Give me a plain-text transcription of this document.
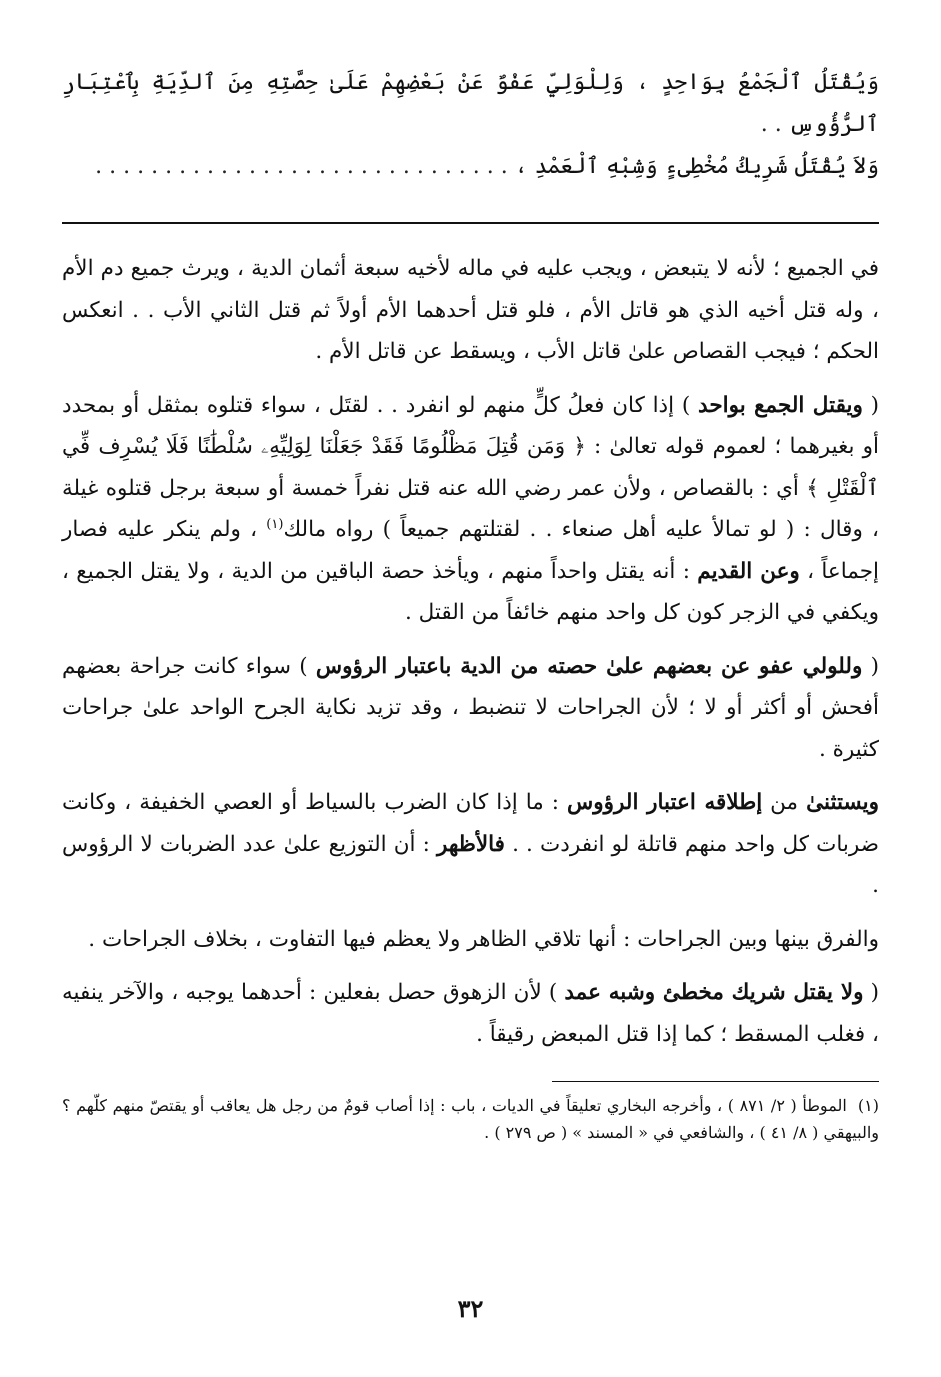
وَيُقْتَلُ ٱلْجَمْعُ بِوَاحِدٍ ، وَلِلْوَلِيِّ عَفْوٌ عَنْ بَعْضِهِمْ عَلَىٰ حِصَّتِهِ مِنَ ٱلدِّيَةِ بِٱعْتِبَارِ ٱلرُّؤُوسِ . .

وَلاَ يُقْتَلُ شَرِيكُ مُخْطِىءٍ وَشِبْهِ ٱلْعَمْدِ ، . . . . . . . . . . . . . . . . . . . . . . . . . . . . . .

في الجميع ؛ لأنه لا يتبعض ، ويجب عليه في ماله لأخيه سبعة أثمان الدية ، ويرث جميع دم الأم ، وله قتل أخيه الذي هو قاتل الأم ، فلو قتل أحدهما الأم أولاً ثم قتل الثاني الأب . . انعكس الحكم ؛ فيجب القصاص علىٰ قاتل الأب ، ويسقط عن قاتل الأم .

( ويقتل الجمع بواحد ) إذا كان فعلُ كلٍّ منهم لو انفرد . . لقتَل ، سواء قتلوه بمثقل أو بمحدد أو بغيرهما ؛ لعموم قوله تعالىٰ : ﴿ وَمَن قُتِلَ مَظْلُومًا فَقَدْ جَعَلْنَا لِوَلِيِّهِۦ سُلْطَٰنًا فَلَا يُسْرِف فِّي ٱلْقَتْلِ ﴾ أي : بالقصاص ، ولأن عمر رضي الله عنه قتل نفراً خمسة أو سبعة برجل قتلوه غيلة ، وقال : ( لو تمالأ عليه أهل صنعاء . . لقتلتهم جميعاً ) رواه مالك$^{(١)}$ ، ولم ينكر عليه فصار إجماعاً ، وعن القديم : أنه يقتل واحداً منهم ، ويأخذ حصة الباقين من الدية ، ولا يقتل الجميع ، ويكفي في الزجر كون كل واحد منهم خائفاً من القتل .

( وللولي عفو عن بعضهم علىٰ حصته من الدية باعتبار الرؤوس ) سواء كانت جراحة بعضهم أفحش أو أكثر أو لا ؛ لأن الجراحات لا تنضبط ، وقد تزيد نكاية الجرح الواحد علىٰ جراحات كثيرة .

ويستثنىٰ من إطلاقه اعتبار الرؤوس : ما إذا كان الضرب بالسياط أو العصي الخفيفة ، وكانت ضربات كل واحد منهم قاتلة لو انفردت . . فالأظهر : أن التوزيع علىٰ عدد الضربات لا الرؤوس .

والفرق بينها وبين الجراحات : أنها تلاقي الظاهر ولا يعظم فيها التفاوت ، بخلاف الجراحات .

( ولا يقتل شريك مخطئ وشبه عمد ) لأن الزهوق حصل بفعلين : أحدهما يوجبه ، والآخر ينفيه ، فغلب المسقط ؛ كما إذا قتل المبعض رقيقاً .

(١)  الموطأ ( ٢/ ٨٧١ ) ، وأخرجه البخاري تعليقاً في الديات ، باب : إذا أصاب قومٌ من رجل هل يعاقب أو يقتصّ منهم كلّهم ؟ والبيهقي ( ٨/ ٤١ ) ، والشافعي في « المسند » ( ص ٢٧٩ ) .

٣٢
